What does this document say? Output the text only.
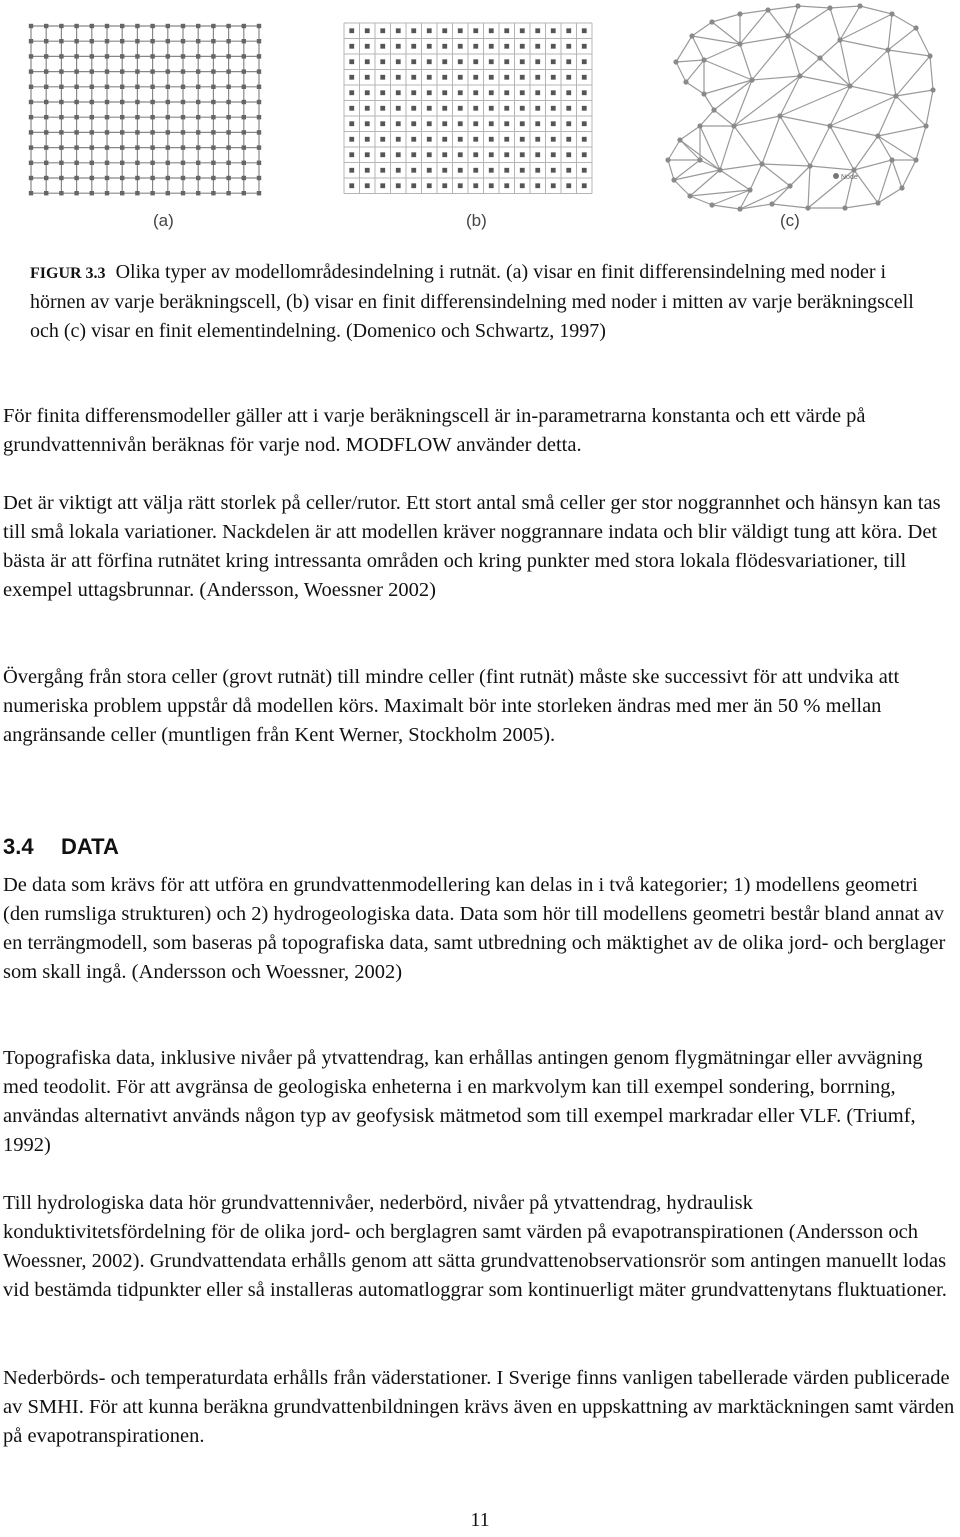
Node
(a)	(b)	(c)
FIGUR 3.3 Olika typer av modellområdesindelning i rutnät. (a) visar en finit differensindelning med noder i hörnen av varje beräkningscell, (b) visar en finit differensindelning med noder i mitten av varje beräkningscell och (c) visar en finit elementindelning. (Domenico och Schwartz, 1997)

För finita differensmodeller gäller att i varje beräkningscell är in-parametrarna konstanta och ett värde på grundvattennivån beräknas för varje nod. MODFLOW använder detta.

Det är viktigt att välja rätt storlek på celler/rutor. Ett stort antal små celler ger stor noggrannhet och hänsyn kan tas till små lokala variationer. Nackdelen är att modellen kräver noggrannare indata och blir väldigt tung att köra. Det bästa är att förfina rutnätet kring intressanta områden och kring punkter med stora lokala flödesvariationer, till exempel uttagsbrunnar. (Andersson, Woessner 2002)

Övergång från stora celler (grovt rutnät) till mindre celler (fint rutnät) måste ske successivt för att undvika att numeriska problem uppstår då modellen körs. Maximalt bör inte storleken ändras med mer än 50 % mellan angränsande celler (muntligen från Kent Werner, Stockholm 2005).

3.4 DATA

De data som krävs för att utföra en grundvattenmodellering kan delas in i två kategorier; 1) modellens geometri (den rumsliga strukturen) och 2) hydrogeologiska data. Data som hör till modellens geometri består bland annat av en terrängmodell, som baseras på topografiska data, samt utbredning och mäktighet av de olika jord- och berglager som skall ingå. (Andersson och Woessner, 2002)

Topografiska data, inklusive nivåer på ytvattendrag, kan erhållas antingen genom flygmätningar eller avvägning med teodolit. För att avgränsa de geologiska enheterna i en markvolym kan till exempel sondering, borrning, användas alternativt används någon typ av geofysisk mätmetod som till exempel markradar eller VLF. (Triumf, 1992)

Till hydrologiska data hör grundvattennivåer, nederbörd, nivåer på ytvattendrag, hydraulisk konduktivitetsfördelning för de olika jord- och berglagren samt värden på evapotranspirationen (Andersson och Woessner, 2002). Grundvattendata erhålls genom att sätta grundvattenobservationsrör som antingen manuellt lodas vid bestämda tidpunkter eller så installeras automatloggrar som kontinuerligt mäter grundvattenytans fluktuationer.

Nederbörds- och temperaturdata erhålls från väderstationer. I Sverige finns vanligen tabellerade värden publicerade av SMHI. För att kunna beräkna grundvattenbildningen krävs även en uppskattning av marktäckningen samt värden på evapotranspirationen.

11
